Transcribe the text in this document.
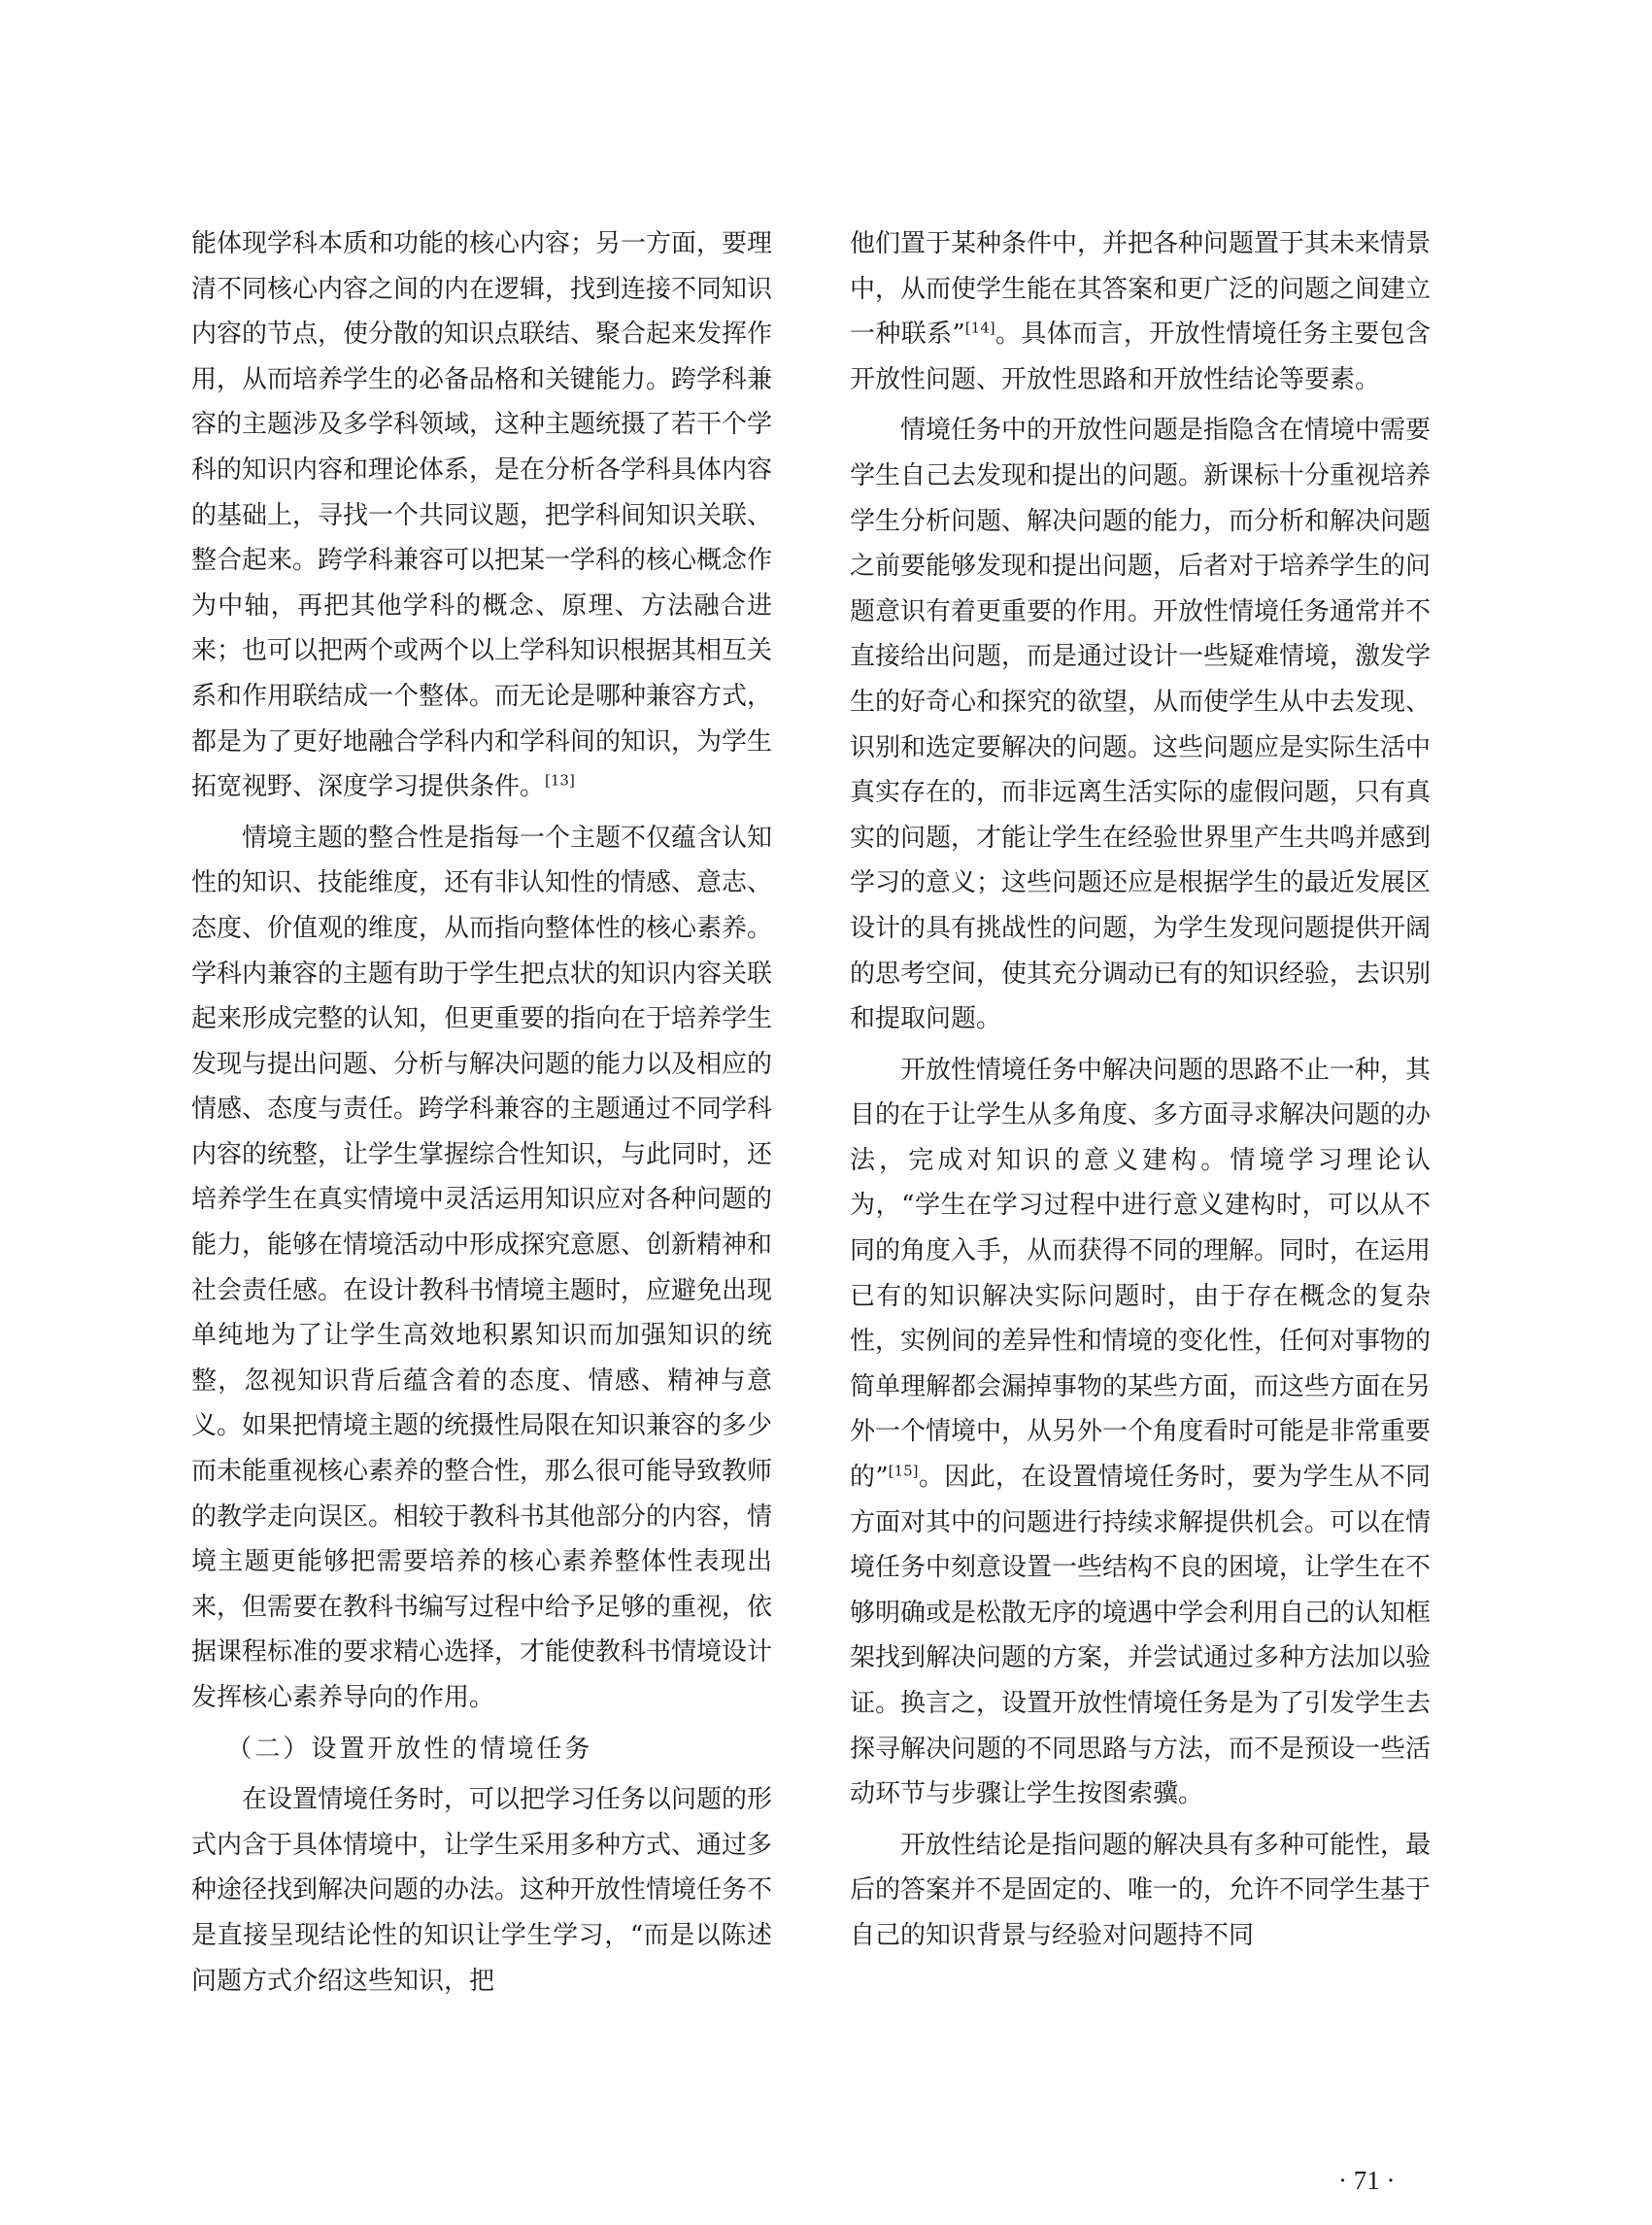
能体现学科本质和功能的核心内容；另一方面，要理清不同核心内容之间的内在逻辑，找到连接不同知识内容的节点，使分散的知识点联结、聚合起来发挥作用，从而培养学生的必备品格和关键能力。跨学科兼容的主题涉及多学科领域，这种主题统摄了若干个学科的知识内容和理论体系，是在分析各学科具体内容的基础上，寻找一个共同议题，把学科间知识关联、整合起来。跨学科兼容可以把某一学科的核心概念作为中轴，再把其他学科的概念、原理、方法融合进来；也可以把两个或两个以上学科知识根据其相互关系和作用联结成一个整体。而无论是哪种兼容方式，都是为了更好地融合学科内和学科间的知识，为学生拓宽视野、深度学习提供条件。[13]

情境主题的整合性是指每一个主题不仅蕴含认知性的知识、技能维度，还有非认知性的情感、意志、态度、价值观的维度，从而指向整体性的核心素养。学科内兼容的主题有助于学生把点状的知识内容关联起来形成完整的认知，但更重要的指向在于培养学生发现与提出问题、分析与解决问题的能力以及相应的情感、态度与责任。跨学科兼容的主题通过不同学科内容的统整，让学生掌握综合性知识，与此同时，还培养学生在真实情境中灵活运用知识应对各种问题的能力，能够在情境活动中形成探究意愿、创新精神和社会责任感。在设计教科书情境主题时，应避免出现单纯地为了让学生高效地积累知识而加强知识的统整，忽视知识背后蕴含着的态度、情感、精神与意义。如果把情境主题的统摄性局限在知识兼容的多少而未能重视核心素养的整合性，那么很可能导致教师的教学走向误区。相较于教科书其他部分的内容，情境主题更能够把需要培养的核心素养整体性表现出来，但需要在教科书编写过程中给予足够的重视，依据课程标准的要求精心选择，才能使教科书情境设计发挥核心素养导向的作用。

（二）设置开放性的情境任务

在设置情境任务时，可以把学习任务以问题的形式内含于具体情境中，让学生采用多种方式、通过多种途径找到解决问题的办法。这种开放性情境任务不是直接呈现结论性的知识让学生学习，“而是以陈述问题方式介绍这些知识，把

他们置于某种条件中，并把各种问题置于其未来情景中，从而使学生能在其答案和更广泛的问题之间建立一种联系”[14]。具体而言，开放性情境任务主要包含开放性问题、开放性思路和开放性结论等要素。

情境任务中的开放性问题是指隐含在情境中需要学生自己去发现和提出的问题。新课标十分重视培养学生分析问题、解决问题的能力，而分析和解决问题之前要能够发现和提出问题，后者对于培养学生的问题意识有着更重要的作用。开放性情境任务通常并不直接给出问题，而是通过设计一些疑难情境，激发学生的好奇心和探究的欲望，从而使学生从中去发现、识别和选定要解决的问题。这些问题应是实际生活中真实存在的，而非远离生活实际的虚假问题，只有真实的问题，才能让学生在经验世界里产生共鸣并感到学习的意义；这些问题还应是根据学生的最近发展区设计的具有挑战性的问题，为学生发现问题提供开阔的思考空间，使其充分调动已有的知识经验，去识别和提取问题。

开放性情境任务中解决问题的思路不止一种，其目的在于让学生从多角度、多方面寻求解决问题的办法，完成对知识的意义建构。情境学习理论认为，“学生在学习过程中进行意义建构时，可以从不同的角度入手，从而获得不同的理解。同时，在运用已有的知识解决实际问题时，由于存在概念的复杂性，实例间的差异性和情境的变化性，任何对事物的简单理解都会漏掉事物的某些方面，而这些方面在另外一个情境中，从另外一个角度看时可能是非常重要的”[15]。因此，在设置情境任务时，要为学生从不同方面对其中的问题进行持续求解提供机会。可以在情境任务中刻意设置一些结构不良的困境，让学生在不够明确或是松散无序的境遇中学会利用自己的认知框架找到解决问题的方案，并尝试通过多种方法加以验证。换言之，设置开放性情境任务是为了引发学生去探寻解决问题的不同思路与方法，而不是预设一些活动环节与步骤让学生按图索骥。

开放性结论是指问题的解决具有多种可能性，最后的答案并不是固定的、唯一的，允许不同学生基于自己的知识背景与经验对问题持不同

· 71 ·
